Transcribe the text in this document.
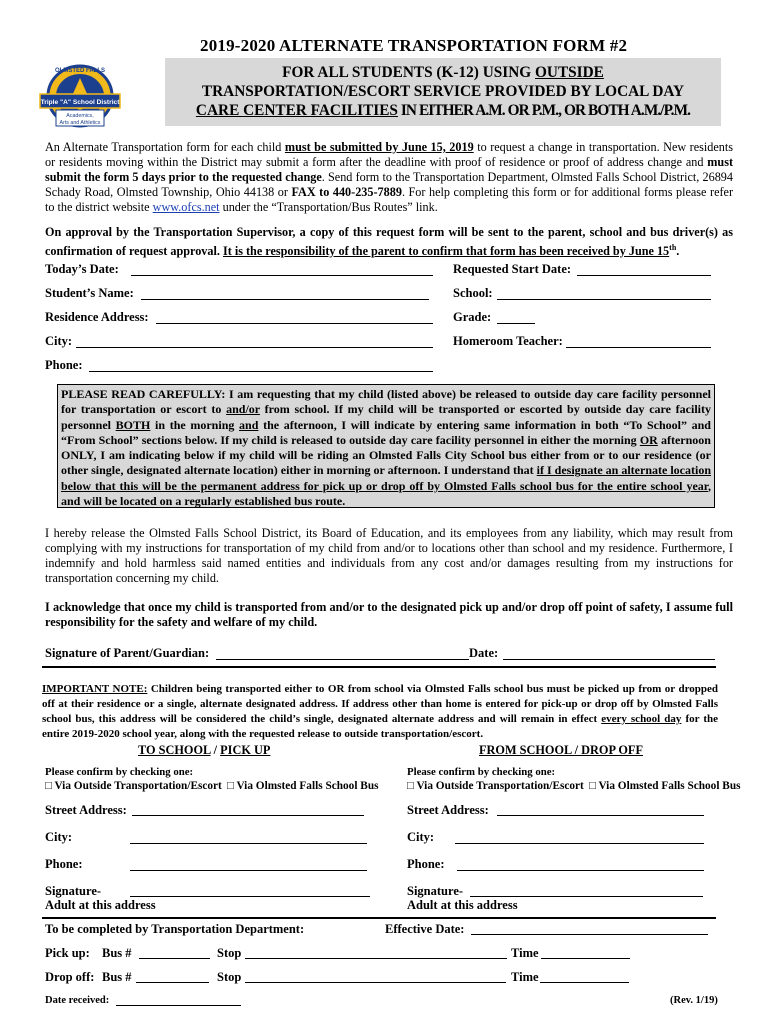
2019-2020 ALTERNATE TRANSPORTATION FORM #2
OLMSTED FALLS
Triple "A" School District
Academics,
Arts and Athletics
FOR ALL STUDENTS (K-12) USING OUTSIDE
TRANSPORTATION/ESCORT SERVICE PROVIDED BY LOCAL DAY
CARE CENTER FACILITIES IN EITHER A.M. OR P.M., OR BOTH A.M./P.M.
An Alternate Transportation form for each child must be submitted by June 15, 2019 to request a change in transportation. New residents or residents moving within the District may submit a form after the deadline with proof of residence or proof of address change and must submit the form 5 days prior to the requested change. Send form to the Transportation Department, Olmsted Falls School District, 26894 Schady Road, Olmsted Township, Ohio 44138 or FAX to 440-235-7889. For help completing this form or for additional forms please refer to the district website www.ofcs.net under the “Transportation/Bus Routes” link.
On approval by the Transportation Supervisor, a copy of this request form will be sent to the parent, school and bus driver(s) as confirmation of request approval. It is the responsibility of the parent to confirm that form has been received by June 15th.
Today’s Date:	Requested Start Date:
Student’s Name:	School:
Residence Address:	Grade:
City:	Homeroom Teacher:
Phone:
PLEASE READ CAREFULLY: I am requesting that my child (listed above) be released to outside day care facility personnel for transportation or escort to and/or from school. If my child will be transported or escorted by outside day care facility personnel BOTH in the morning and the afternoon, I will indicate by entering same information in both “To School” and “From School” sections below. If my child is released to outside day care facility personnel in either the morning OR afternoon ONLY, I am indicating below if my child will be riding an Olmsted Falls City School bus either from or to our residence (or other single, designated alternate location) either in morning or afternoon. I understand that if I designate an alternate location below that this will be the permanent address for pick up or drop off by Olmsted Falls school bus for the entire school year, and will be located on a regularly established bus route.
I hereby release the Olmsted Falls School District, its Board of Education, and its employees from any liability, which may result from complying with my instructions for transportation of my child from and/or to locations other than school and my residence. Furthermore, I indemnify and hold harmless said named entities and individuals from any cost and/or damages resulting from my instructions for transportation concerning my child.
I acknowledge that once my child is transported from and/or to the designated pick up and/or drop off point of safety, I assume full responsibility for the safety and welfare of my child.
Signature of Parent/Guardian:	Date:
IMPORTANT NOTE: Children being transported either to OR from school via Olmsted Falls school bus must be picked up from or dropped off at their residence or a single, alternate designated address. If address other than home is entered for pick-up or drop off by Olmsted Falls school bus, this address will be considered the child’s single, designated alternate address and will remain in effect every school day for the entire 2019-2020 school year, along with the requested release to outside transportation/escort.
TO SCHOOL / PICK UP
Please confirm by checking one:
□ Via Outside Transportation/Escort □ Via Olmsted Falls School Bus
Street Address:
City:
Phone:
Signature-
Adult at this address
FROM SCHOOL / DROP OFF
Please confirm by checking one:
□ Via Outside Transportation/Escort □ Via Olmsted Falls School Bus
Street Address:
City:
Phone:
Signature-
Adult at this address
To be completed by Transportation Department:	Effective Date:
Pick up: Bus #	Stop	Time
Drop off: Bus #	Stop	Time
Date received:	(Rev. 1/19)
